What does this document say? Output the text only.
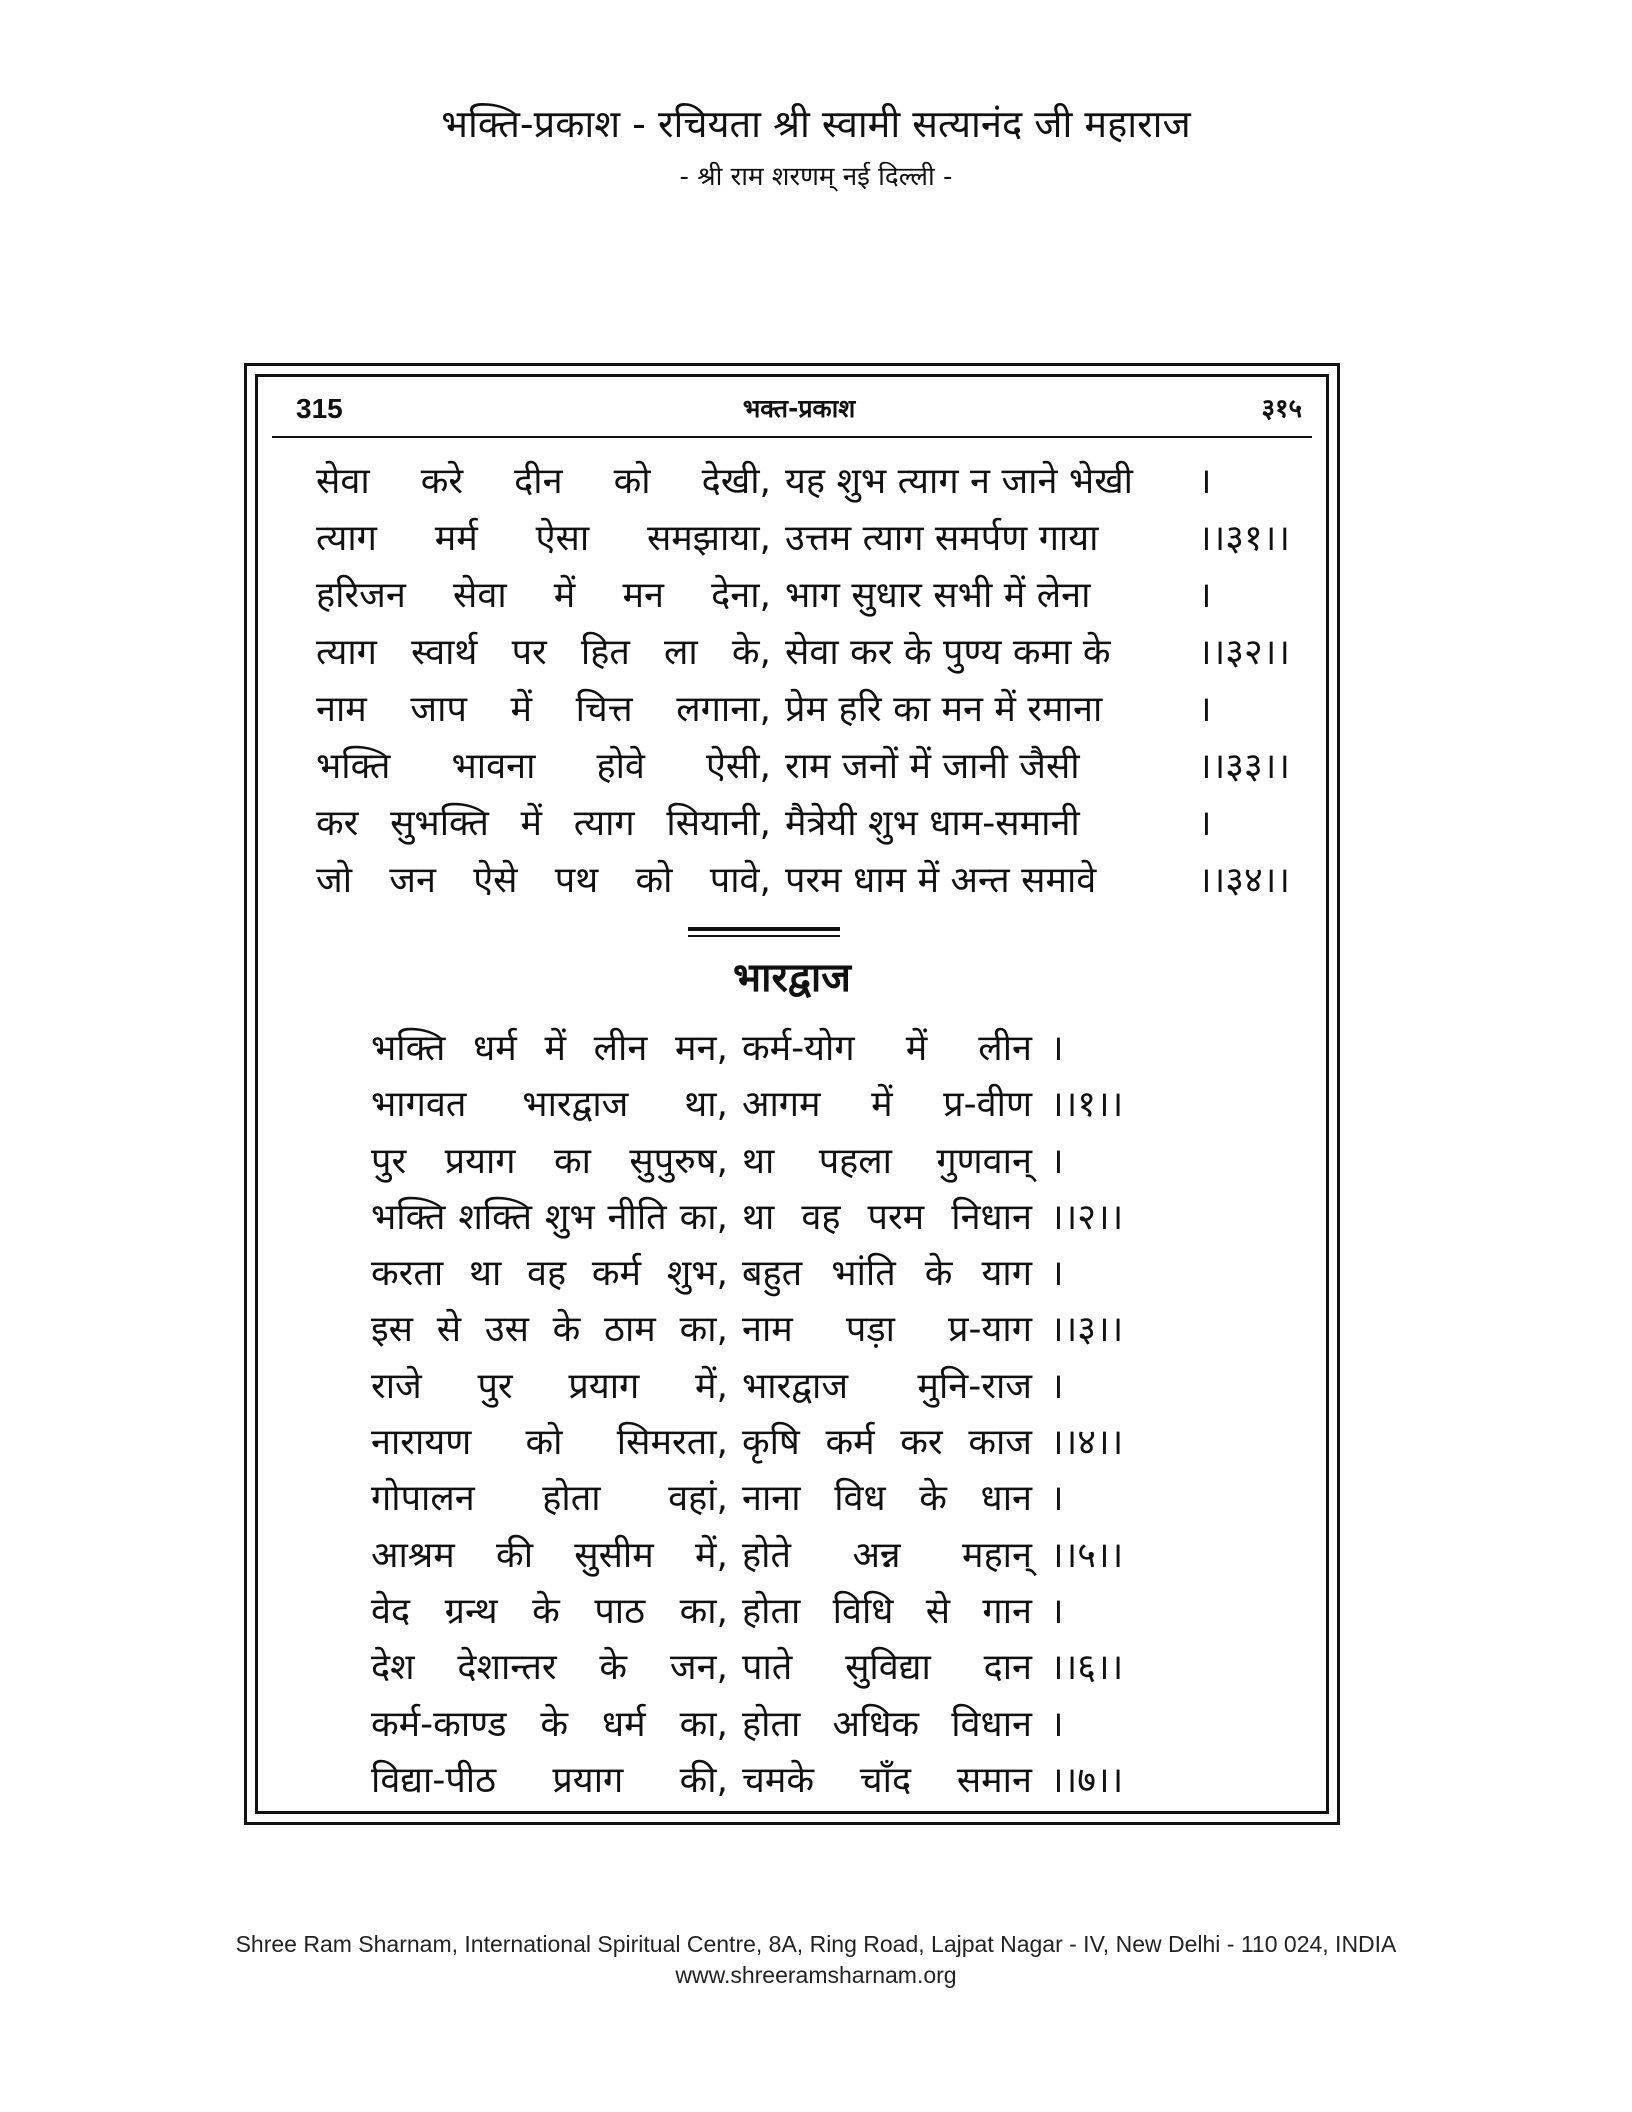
भक्ति-प्रकाश - रचियता श्री स्वामी सत्यानंद जी महाराज
- श्री राम शरणम् नई दिल्ली -
315	भक्त-प्रकाश	३१५
सेवा करे दीन को देखी, यह शुभ त्याग न जाने भेखी	।
त्याग मर्म ऐसा समझाया, उत्तम त्याग समर्पण गाया	।।३१।।
हरिजन सेवा में मन देना, भाग सुधार सभी में लेना	।
त्याग स्वार्थ पर हित ला के, सेवा कर के पुण्य कमा के	।।३२।।
नाम जाप में चित्त लगाना, प्रेम हरि का मन में रमाना	।
भक्ति भावना होवे ऐसी, राम जनों में जानी जैसी	।।३३।।
कर सुभक्ति में त्याग सियानी, मैत्रेयी शुभ धाम-समानी	।
जो जन ऐसे पथ को पावे, परम धाम में अन्त समावे	।।३४।।
भारद्वाज
भक्ति धर्म में लीन मन, कर्म-योग में लीन ।
भागवत भारद्वाज था, आगम में प्र-वीण ।।१।।
पुर प्रयाग का सुपुरुष, था पहला गुणवान् ।
भक्ति शक्ति शुभ नीति का, था वह परम निधान ।।२।।
करता था वह कर्म शुभ, बहुत भांति के याग ।
इस से उस के ठाम का, नाम पड़ा प्र-याग ।।३।।
राजे पुर प्रयाग में, भारद्वाज मुनि-राज ।
नारायण को सिमरता, कृषि कर्म कर काज ।।४।।
गोपालन होता वहां, नाना विध के धान ।
आश्रम की सुसीम में, होते अन्न महान् ।।५।।
वेद ग्रन्थ के पाठ का, होता विधि से गान ।
देश देशान्तर के जन, पाते सुविद्या दान ।।६।।
कर्म-काण्ड के धर्म का, होता अधिक विधान ।
विद्या-पीठ प्रयाग की, चमके चाँद समान ।।७।।
Shree Ram Sharnam, International Spiritual Centre, 8A, Ring Road, Lajpat Nagar - IV, New Delhi - 110 024, INDIA
www.shreeramsharnam.org
